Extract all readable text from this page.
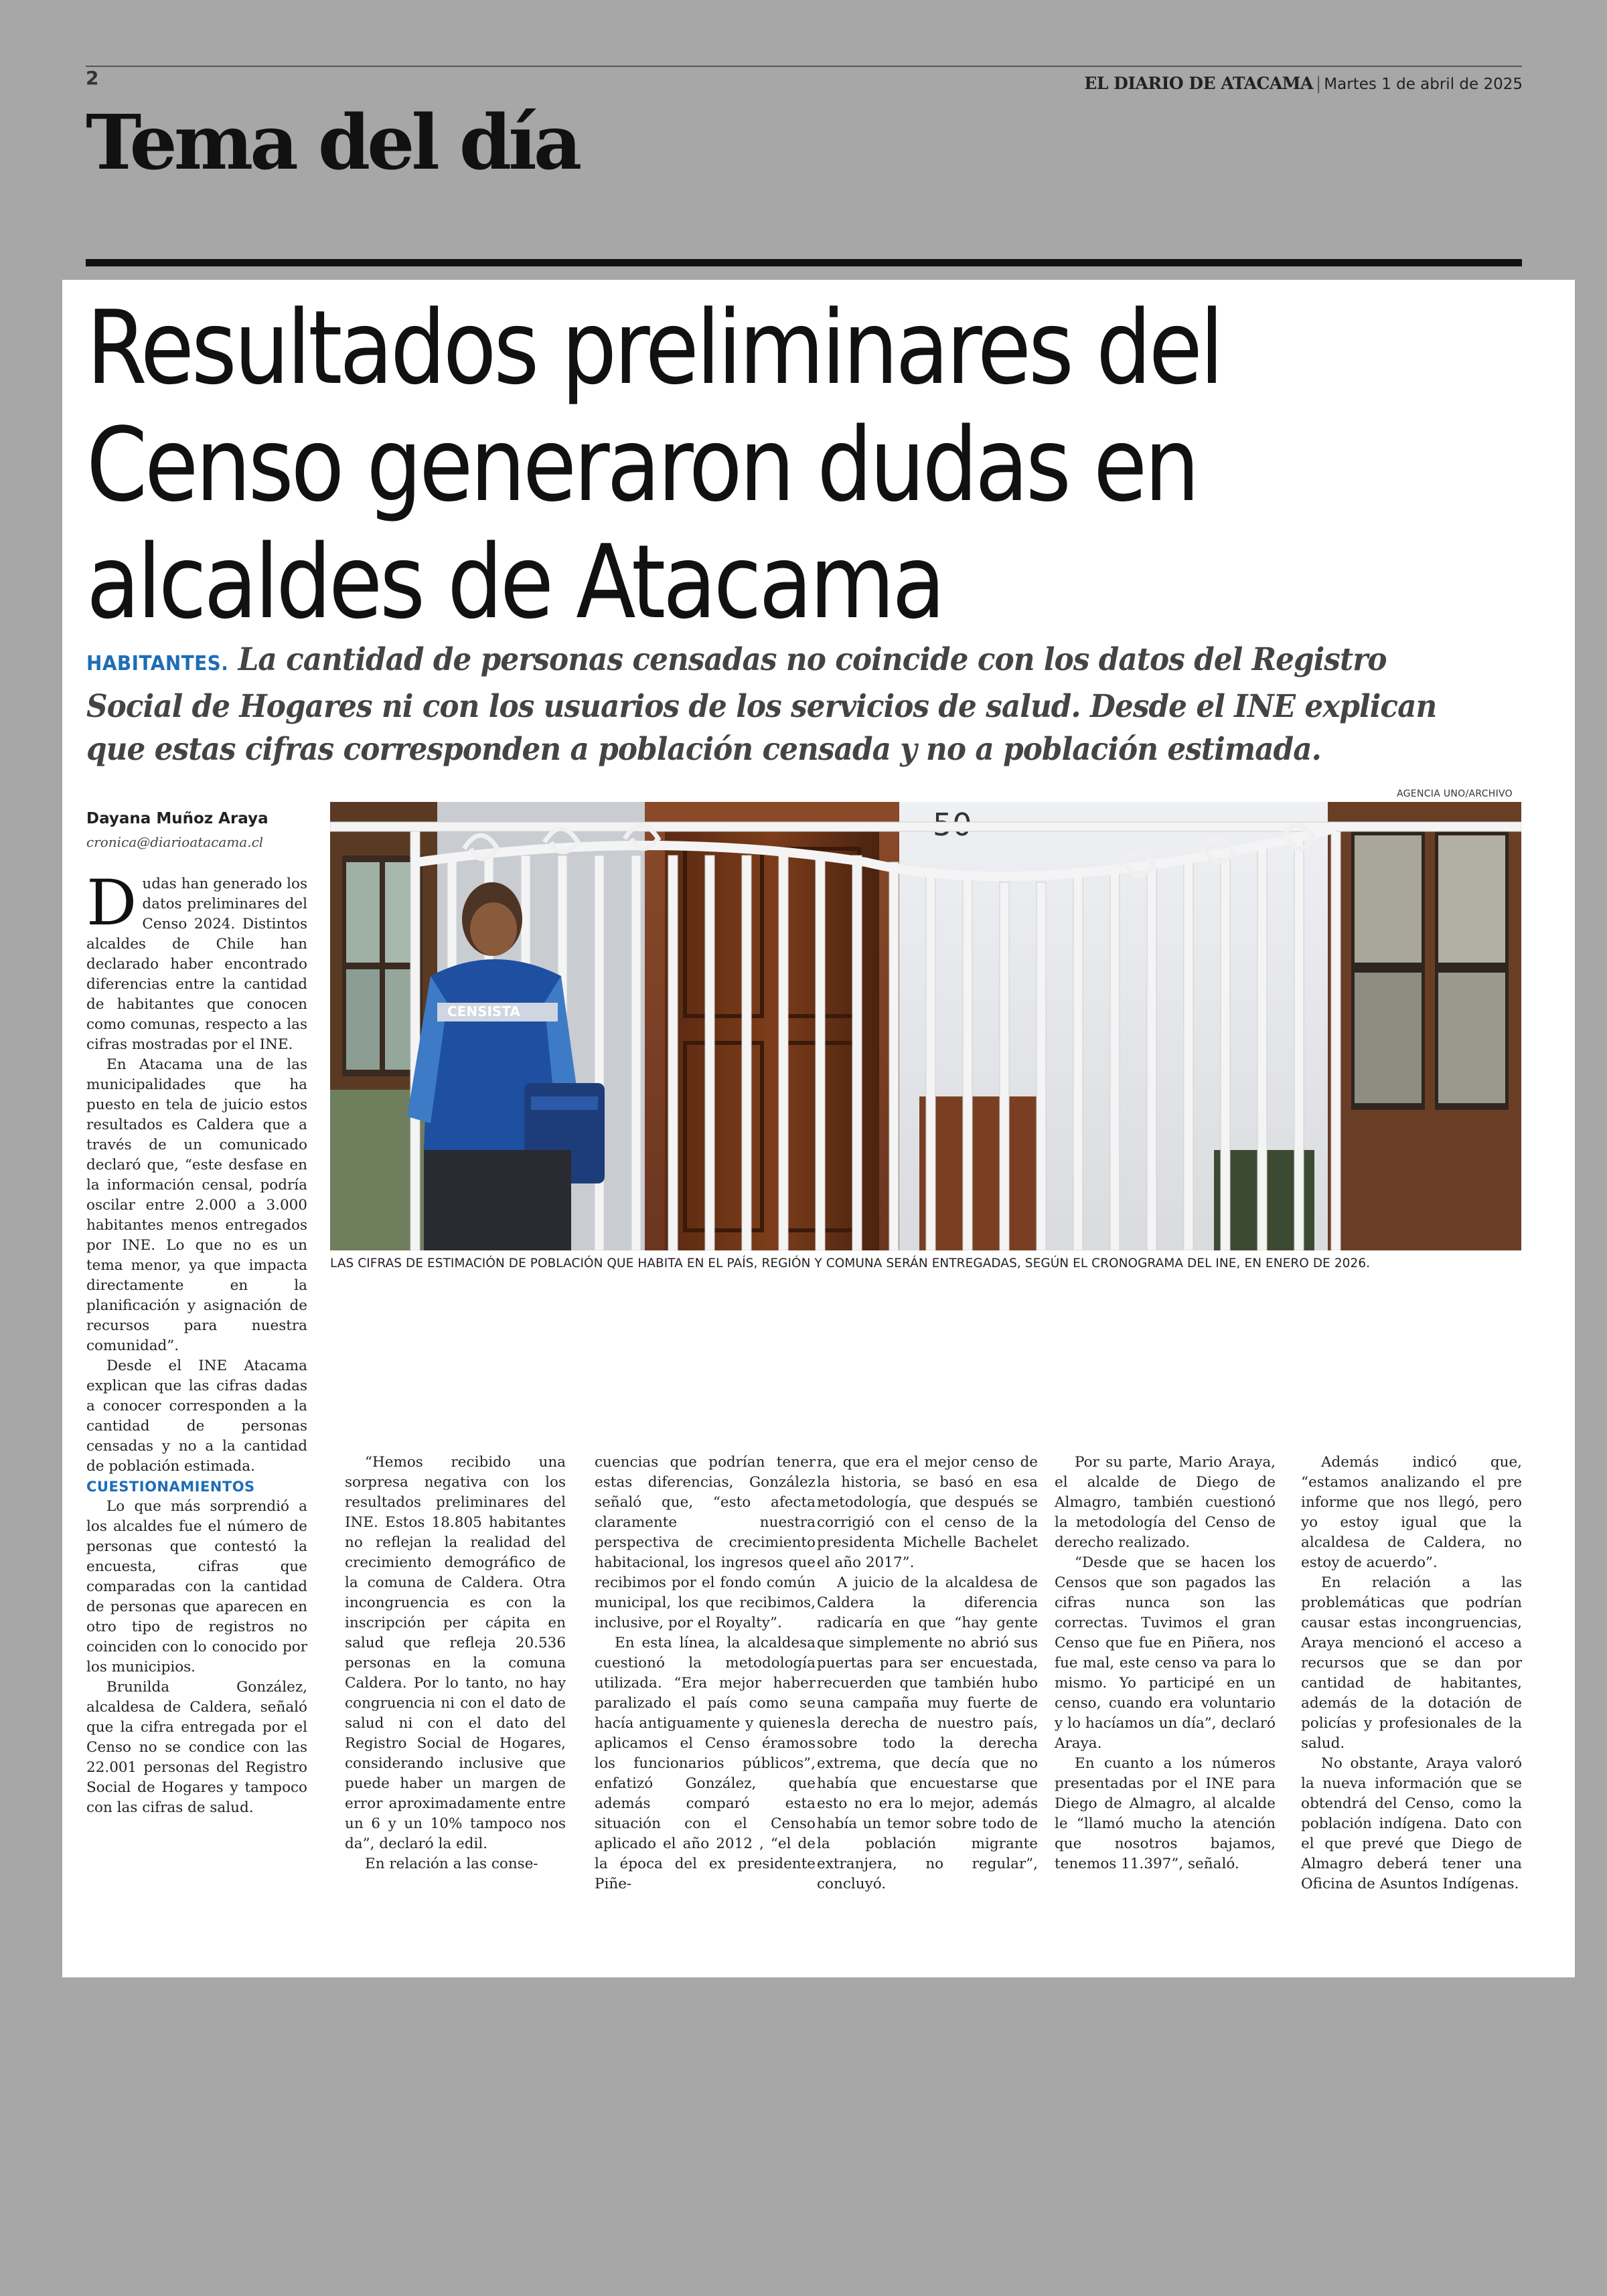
2	EL DIARIO DE ATACAMA | Martes 1 de abril de 2025
Tema del día
Resultados preliminares del Censo generaron dudas en alcaldes de Atacama
HABITANTES. La cantidad de personas censadas no coincide con los datos del Registro Social de Hogares ni con los usuarios de los servicios de salud. Desde el INE explican que estas cifras corresponden a población censada y no a población estimada.
Dayana Muñoz Araya
cronica@diarioatacama.cl
AGENCIA UNO/ARCHIVO
CENSISTA
LAS CIFRAS DE ESTIMACIÓN DE POBLACIÓN QUE HABITA EN EL PAÍS, REGIÓN Y COMUNA SERÁN ENTREGADAS, SEGÚN EL CRONOGRAMA DEL INE, EN ENERO DE 2026.

Dudas han generado los datos preliminares del Censo 2024. Distintos alcaldes de Chile han declarado haber encontrado diferencias entre la cantidad de habitantes que conocen como comunas, respecto a las cifras mostradas por el INE.

En Atacama una de las municipalidades que ha puesto en tela de juicio estos resultados es Caldera que a través de un comunicado declaró que, “este desfase en la información censal, podría oscilar entre 2.000 a 3.000 habitantes menos entregados por INE. Lo que no es un tema menor, ya que impacta directamente en la planificación y asignación de recursos para nuestra comunidad”.

Desde el INE Atacama explican que las cifras dadas a conocer corresponden a la cantidad de personas censadas y no a la cantidad de población estimada.

CUESTIONAMIENTOS

Lo que más sorprendió a los alcaldes fue el número de personas que contestó la encuesta, cifras que comparadas con la cantidad de personas que aparecen en otro tipo de registros no coinciden con lo conocido por los municipios.

Brunilda González, alcaldesa de Caldera, señaló que la cifra entregada por el Censo no se condice con las 22.001 personas del Registro Social de Hogares y tampoco con las cifras de salud.

“Hemos recibido una sorpresa negativa con los resultados preliminares del INE. Estos 18.805 habitantes no reflejan la realidad del crecimiento demográfico de la comuna de Caldera. Otra incongruencia es con la inscripción per cápita en salud que refleja 20.536 personas en la comuna Caldera. Por lo tanto, no hay congruencia ni con el dato de salud ni con el dato del Registro Social de Hogares, considerando inclusive que puede haber un margen de error aproximadamente entre un 6 y un 10% tampoco nos da”, declaró la edil.

En relación a las conse-

cuencias que podrían tener estas diferencias, González señaló que, “esto afecta claramente nuestra perspectiva de crecimiento habitacional, los ingresos que recibimos por el fondo común municipal, los que recibimos, inclusive, por el Royalty”.

En esta línea, la alcaldesa cuestionó la metodología utilizada. “Era mejor haber paralizado el país como se hacía antiguamente y quienes aplicamos el Censo éramos los funcionarios públicos”, enfatizó González, que además comparó esta situación con el Censo aplicado el año 2012 , “el de la época del ex presidente Piñe-

ra, que era el mejor censo de la historia, se basó en esa metodología, que después se corrigió con el censo de la presidenta Michelle Bachelet el año 2017”.

A juicio de la alcaldesa de Caldera la diferencia radicaría en que “hay gente que simplemente no abrió sus puertas para ser encuestada, recuerden que también hubo una campaña muy fuerte de la derecha de nuestro país, sobre todo la derecha extrema, que decía que no había que encuestarse que esto no era lo mejor, además había un temor sobre todo de la población migrante extranjera, no regular”, concluyó.

Por su parte, Mario Araya, el alcalde de Diego de Almagro, también cuestionó la metodología del Censo de derecho realizado.

“Desde que se hacen los Censos que son pagados las cifras nunca son las correctas. Tuvimos el gran Censo que fue en Piñera, nos fue mal, este censo va para lo mismo. Yo participé en un censo, cuando era voluntario y lo hacíamos un día”, declaró Araya.

En cuanto a los números presentadas por el INE para Diego de Almagro, al alcalde le “llamó mucho la atención que nosotros bajamos, tenemos 11.397”, señaló.

Además indicó que, “estamos analizando el pre informe que nos llegó, pero yo estoy igual que la alcaldesa de Caldera, no estoy de acuerdo”.

En relación a las problemáticas que podrían causar estas incongruencias, Araya mencionó el acceso a recursos que se dan por cantidad de habitantes, además de la dotación de policías y profesionales de la salud.

No obstante, Araya valoró la nueva información que se obtendrá del Censo, como la población indígena. Dato con el que prevé que Diego de Almagro deberá tener una Oficina de Asuntos Indígenas.
